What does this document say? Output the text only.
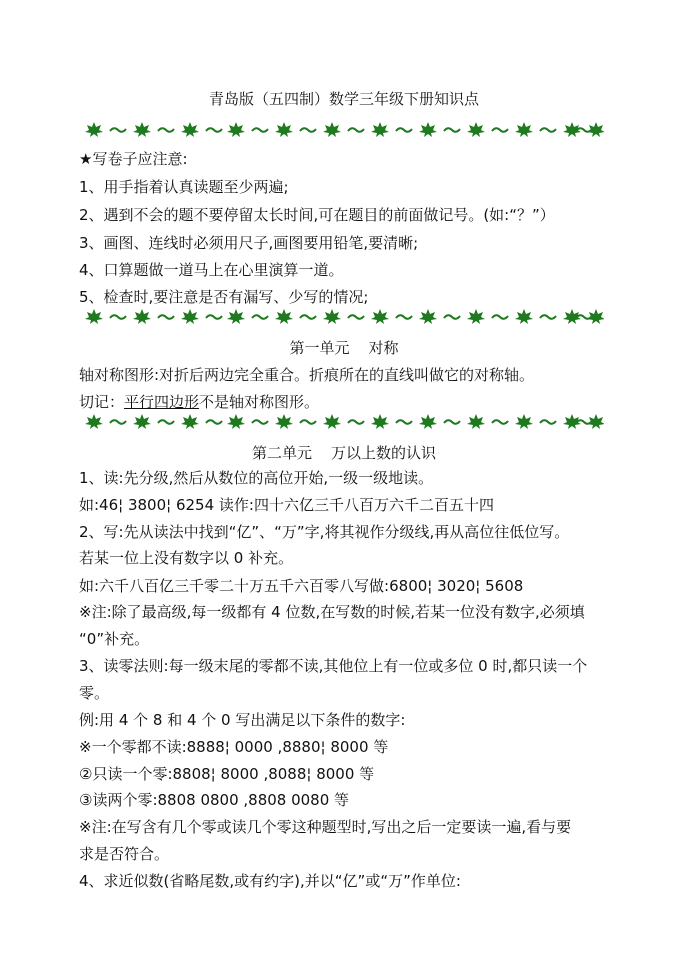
青岛版（五四制）数学三年级下册知识点
★写卷子应注意:
1、用手指着认真读题至少两遍;
2、遇到不会的题不要停留太长时间,可在题目的前面做记号。(如:“？”）
3、画图、连线时必须用尺子,画图要用铅笔,要清晰;
4、口算题做一道马上在心里演算一道。
5、检查时,要注意是否有漏写、少写的情况;
第一单元    对称
轴对称图形:对折后两边完全重合。折痕所在的直线叫做它的对称轴。
切记：平行四边形不是轴对称图形。
第二单元    万以上数的认识
1、读:先分级,然后从数位的高位开始,一级一级地读。
如:46¦ 3800¦ 6254 读作:四十六亿三千八百万六千二百五十四
2、写:先从读法中找到“亿”、“万”字,将其视作分级线,再从高位往低位写。
若某一位上没有数字以 0 补充。
如:六千八百亿三千零二十万五千六百零八写做:6800¦ 3020¦ 5608
※注:除了最高级,每一级都有 4 位数,在写数的时候,若某一位没有数字,必须填
“0”补充。
3、读零法则:每一级末尾的零都不读,其他位上有一位或多位 0 时,都只读一个
零。
例:用 4 个 8 和 4 个 0 写出满足以下条件的数字:
※一个零都不读:8888¦ 0000 ,8880¦ 8000 等
②只读一个零:8808¦ 8000 ,8088¦ 8000 等
③读两个零:8808 0800 ,8808 0080 等
※注:在写含有几个零或读几个零这种题型时,写出之后一定要读一遍,看与要
求是否符合。
4、求近似数(省略尾数,或有约字),并以“亿”或“万”作单位:
